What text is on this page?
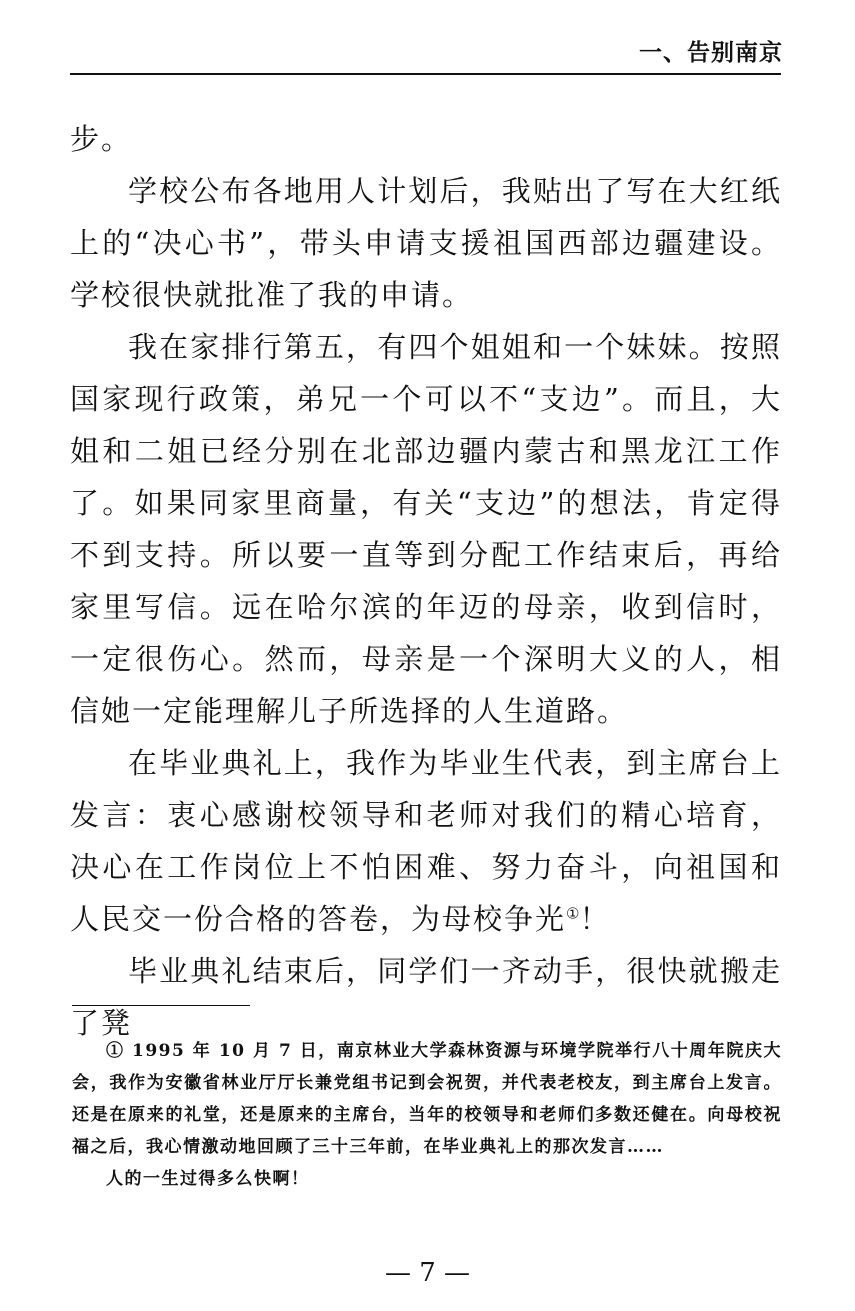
一、告别南京

步。

学校公布各地用人计划后，我贴出了写在大红纸上的“决心书”，带头申请支援祖国西部边疆建设。学校很快就批准了我的申请。

我在家排行第五，有四个姐姐和一个妹妹。按照国家现行政策，弟兄一个可以不“支边”。而且，大姐和二姐已经分别在北部边疆内蒙古和黑龙江工作了。如果同家里商量，有关“支边”的想法，肯定得不到支持。所以要一直等到分配工作结束后，再给家里写信。远在哈尔滨的年迈的母亲，收到信时，一定很伤心。然而，母亲是一个深明大义的人，相信她一定能理解儿子所选择的人生道路。

在毕业典礼上，我作为毕业生代表，到主席台上发言：衷心感谢校领导和老师对我们的精心培育，决心在工作岗位上不怕困难、努力奋斗，向祖国和人民交一份合格的答卷，为母校争光①！

毕业典礼结束后，同学们一齐动手，很快就搬走了凳

① 1995 年 10 月 7 日，南京林业大学森林资源与环境学院举行八十周年院庆大会，我作为安徽省林业厅厅长兼党组书记到会祝贺，并代表老校友，到主席台上发言。还是在原来的礼堂，还是原来的主席台，当年的校领导和老师们多数还健在。向母校祝福之后，我心情激动地回顾了三十三年前，在毕业典礼上的那次发言……

人的一生过得多么快啊！

— 7 —
